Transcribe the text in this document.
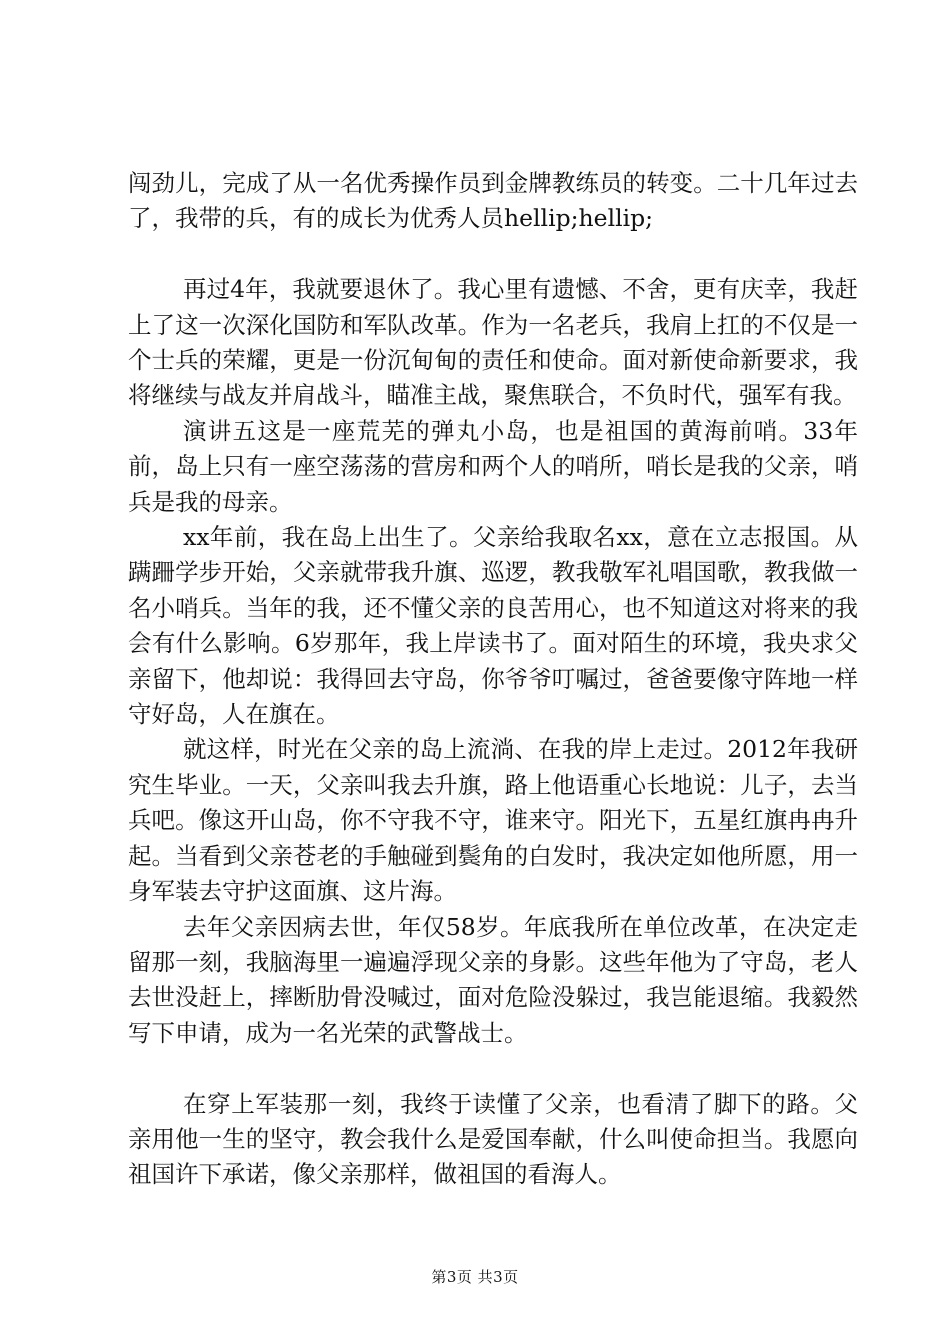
闯劲儿，完成了从一名优秀操作员到金牌教练员的转变。二十几年过去了，我带的兵，有的成长为优秀人员hellip;hellip;

再过4年，我就要退休了。我心里有遗憾、不舍，更有庆幸，我赶上了这一次深化国防和军队改革。作为一名老兵，我肩上扛的不仅是一个士兵的荣耀，更是一份沉甸甸的责任和使命。面对新使命新要求，我将继续与战友并肩战斗，瞄准主战，聚焦联合，不负时代，强军有我。

演讲五这是一座荒芜的弹丸小岛，也是祖国的黄海前哨。33年前，岛上只有一座空荡荡的营房和两个人的哨所，哨长是我的父亲，哨兵是我的母亲。

xx年前，我在岛上出生了。父亲给我取名xx，意在立志报国。从蹒跚学步开始，父亲就带我升旗、巡逻，教我敬军礼唱国歌，教我做一名小哨兵。当年的我，还不懂父亲的良苦用心，也不知道这对将来的我会有什么影响。6岁那年，我上岸读书了。面对陌生的环境，我央求父亲留下，他却说：我得回去守岛，你爷爷叮嘱过，爸爸要像守阵地一样守好岛，人在旗在。

就这样，时光在父亲的岛上流淌、在我的岸上走过。2012年我研究生毕业。一天，父亲叫我去升旗，路上他语重心长地说：儿子，去当兵吧。像这开山岛，你不守我不守，谁来守。阳光下，五星红旗冉冉升起。当看到父亲苍老的手触碰到鬓角的白发时，我决定如他所愿，用一身军装去守护这面旗、这片海。

去年父亲因病去世，年仅58岁。年底我所在单位改革，在决定走留那一刻，我脑海里一遍遍浮现父亲的身影。这些年他为了守岛，老人去世没赶上，摔断肋骨没喊过，面对危险没躲过，我岂能退缩。我毅然写下申请，成为一名光荣的武警战士。

在穿上军装那一刻，我终于读懂了父亲，也看清了脚下的路。父亲用他一生的坚守，教会我什么是爱国奉献，什么叫使命担当。我愿向祖国许下承诺，像父亲那样，做祖国的看海人。

第3页 共3页
